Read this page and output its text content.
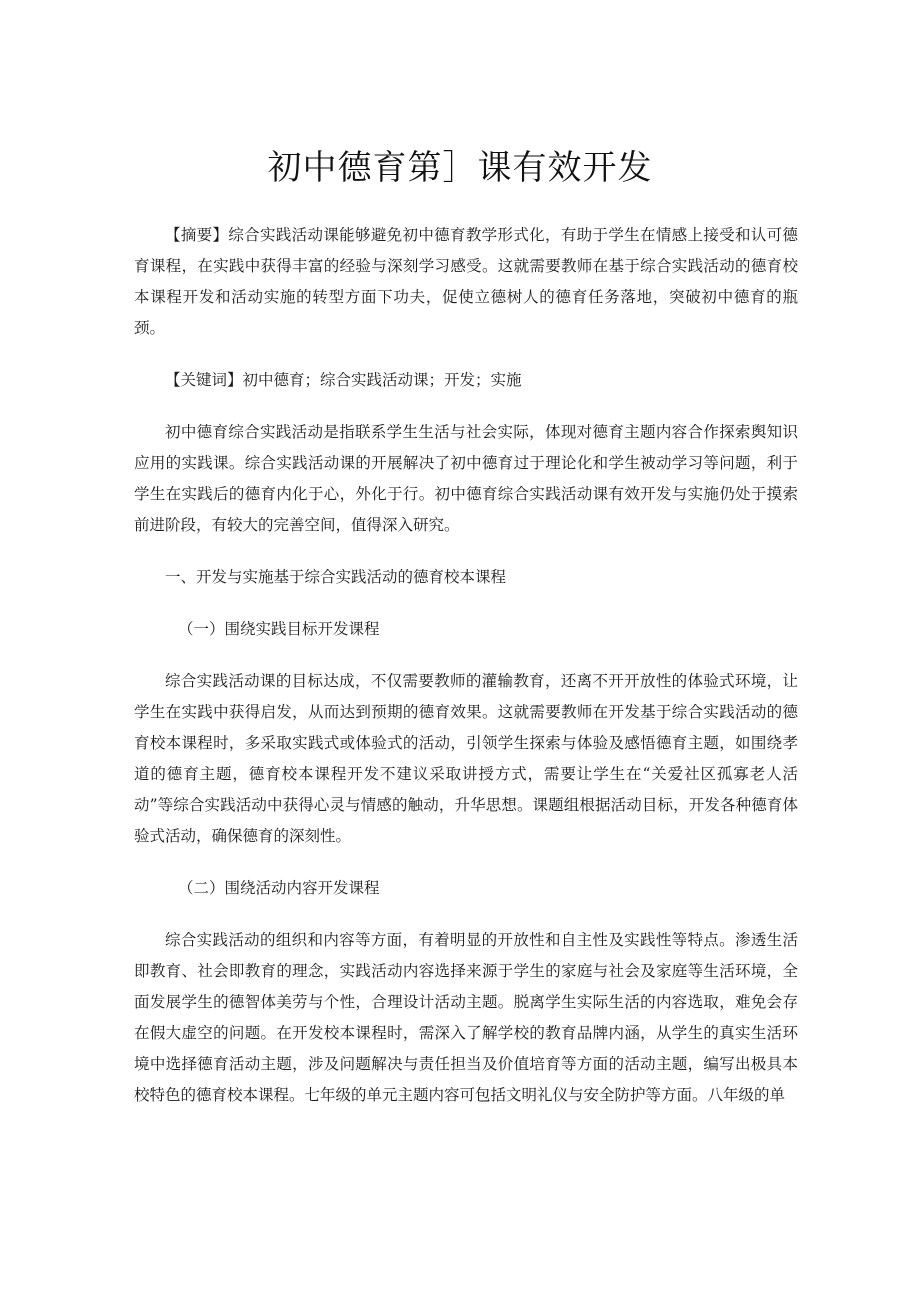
初中德育第］课有效开发

【摘要】综合实践活动课能够避免初中德育教学形式化，有助于学生在情感上接受和认可德育课程，在实践中获得丰富的经验与深刻学习感受。这就需要教师在基于综合实践活动的德育校本课程开发和活动实施的转型方面下功夫，促使立德树人的德育任务落地，突破初中德育的瓶颈。

【关键词】初中德育；综合实践活动课；开发；实施

初中德育综合实践活动是指联系学生生活与社会实际，体现对德育主题内容合作探索舆知识应用的实践课。综合实践活动课的开展解决了初中德育过于理论化和学生被动学习等问题，利于学生在实践后的德育内化于心，外化于行。初中德育综合实践活动课有效开发与实施仍处于摸索前进阶段，有较大的完善空间，值得深入研究。

一、开发与实施基于综合实践活动的德育校本课程
（一）围绕实践目标开发课程

综合实践活动课的目标达成，不仅需要教师的灌输教育，还离不开开放性的体验式环境，让学生在实践中获得启发，从而达到预期的德育效果。这就需要教师在开发基于综合实践活动的德育校本课程时，多采取实践式或体验式的活动，引领学生探索与体验及感悟德育主题，如围绕孝道的德育主题，德育校本课程开发不建议采取讲授方式，需要让学生在“关爱社区孤寡老人活动”等综合实践活动中获得心灵与情感的触动，升华思想。课题组根据活动目标，开发各种德育体验式活动，确保德育的深刻性。

（二）围绕活动内容开发课程

综合实践活动的组织和内容等方面，有着明显的开放性和自主性及实践性等特点。渗透生活即教育、社会即教育的理念，实践活动内容选择来源于学生的家庭与社会及家庭等生活环境，全面发展学生的德智体美劳与个性，合理设计活动主题。脱离学生实际生活的内容选取，难免会存在假大虚空的问题。在开发校本课程时，需深入了解学校的教育品牌内涵，从学生的真实生活环境中选择德育活动主题，涉及问题解决与责任担当及价值培育等方面的活动主题，编写出极具本校特色的德育校本课程。七年级的单元主题内容可包括文明礼仪与安全防护等方面。八年级的单
